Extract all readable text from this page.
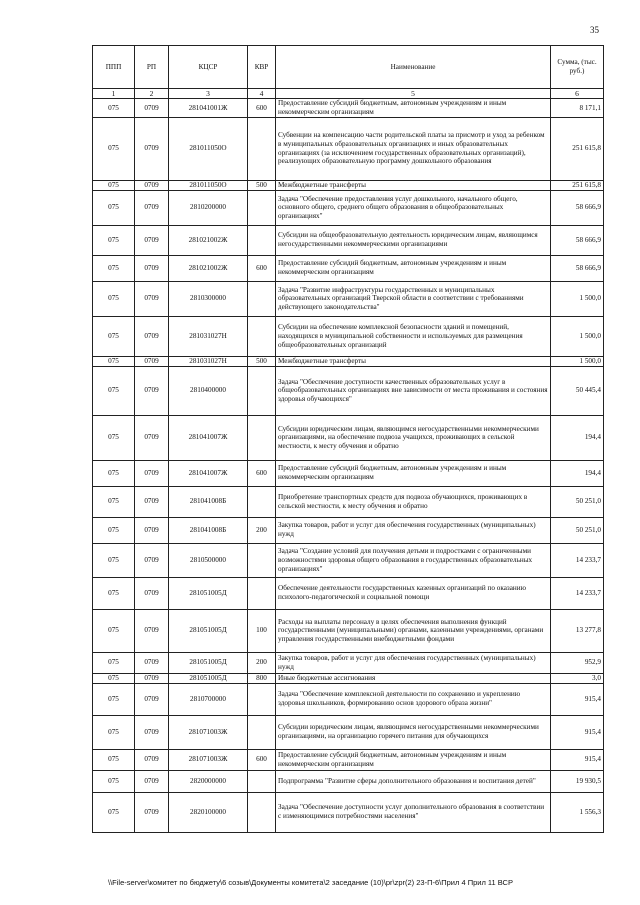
35
ППП	РП	КЦСР	КВР	Наименование	Сумма, (тыс. руб.)
1	2	3	4	5	6
075	0709	281041001Ж	600	Предоставление субсидий бюджетным, автономным учреждениям и иным некоммерческим организациям	8 171,1
075	0709	281011050О		Субвенции на компенсацию части родительской платы за присмотр и уход за ребенком в муниципальных образовательных организациях и иных образовательных организациях (за исключением государственных образовательных организаций), реализующих образовательную программу дошкольного образования	251 615,8
075	0709	281011050О	500	Межбюджетные трансферты	251 615,8
075	0709	2810200000		Задача "Обеспечение предоставления услуг дошкольного, начального общего, основного общего, среднего общего образования в общеобразовательных организациях"	58 666,9
075	0709	281021002Ж		Субсидии на общеобразовательную деятельность юридическим лицам, являющимся негосударственными некоммерческими организациями	58 666,9
075	0709	281021002Ж	600	Предоставление субсидий бюджетным, автономным учреждениям и иным некоммерческим организациям	58 666,9
075	0709	2810300000		Задача "Развитие инфраструктуры государственных и муниципальных образовательных организаций Тверской области в соответствии с требованиями действующего законодательства"	1 500,0
075	0709	281031027Н		Субсидии на обеспечение комплексной безопасности зданий и помещений, находящихся в муниципальной собственности и используемых для размещения общеобразовательных организаций	1 500,0
075	0709	281031027Н	500	Межбюджетные трансферты	1 500,0
075	0709	2810400000		Задача "Обеспечение доступности качественных образовательных услуг в общеобразовательных организациях вне зависимости от места проживания и состояния здоровья обучающихся"	50 445,4
075	0709	281041007Ж		Субсидии юридическим лицам, являющимся негосударственными некоммерческими организациями, на обеспечение подвоза учащихся, проживающих в сельской местности, к месту обучения и обратно	194,4
075	0709	281041007Ж	600	Предоставление субсидий бюджетным, автономным учреждениям и иным некоммерческим организациям	194,4
075	0709	281041008Б		Приобретение транспортных средств для подвоза обучающихся, проживающих в сельской местности, к месту обучения и обратно	50 251,0
075	0709	281041008Б	200	Закупка товаров, работ и услуг для обеспечения государственных (муниципальных) нужд	50 251,0
075	0709	2810500000		Задача "Создание условий для получения детьми и подростками с ограниченными возможностями здоровья общего образования в государственных образовательных организациях"	14 233,7
075	0709	281051005Д		Обеспечение деятельности государственных казенных организаций по оказанию психолого-педагогической и социальной помощи	14 233,7
075	0709	281051005Д	100	Расходы на выплаты персоналу в целях обеспечения выполнения функций государственными (муниципальными) органами, казенными учреждениями, органами управления государственными внебюджетными фондами	13 277,8
075	0709	281051005Д	200	Закупка товаров, работ и услуг для обеспечения государственных (муниципальных) нужд	952,9
075	0709	281051005Д	800	Иные бюджетные ассигнования	3,0
075	0709	2810700000		Задача "Обеспечение комплексной деятельности по сохранению и укреплению здоровья школьников, формированию основ здорового образа жизни"	915,4
075	0709	281071003Ж		Субсидии юридическим лицам, являющимся негосударственными некоммерческими организациями, на организацию горячего питания для обучающихся	915,4
075	0709	281071003Ж	600	Предоставление субсидий бюджетным, автономным учреждениям и иным некоммерческим организациям	915,4
075	0709	2820000000		Подпрограмма "Развитие сферы дополнительного образования и воспитания детей"	19 930,5
075	0709	2820100000		Задача "Обеспечение доступности услуг дополнительного образования в соответствии с изменяющимися потребностями населения"	1 556,3
\\File-server\комитет по бюджету\6 созыв\Документы комитета\2 заседание (10)\pr\zpr(2) 23-П-6\Прил 4 Прил 11 ВСР
